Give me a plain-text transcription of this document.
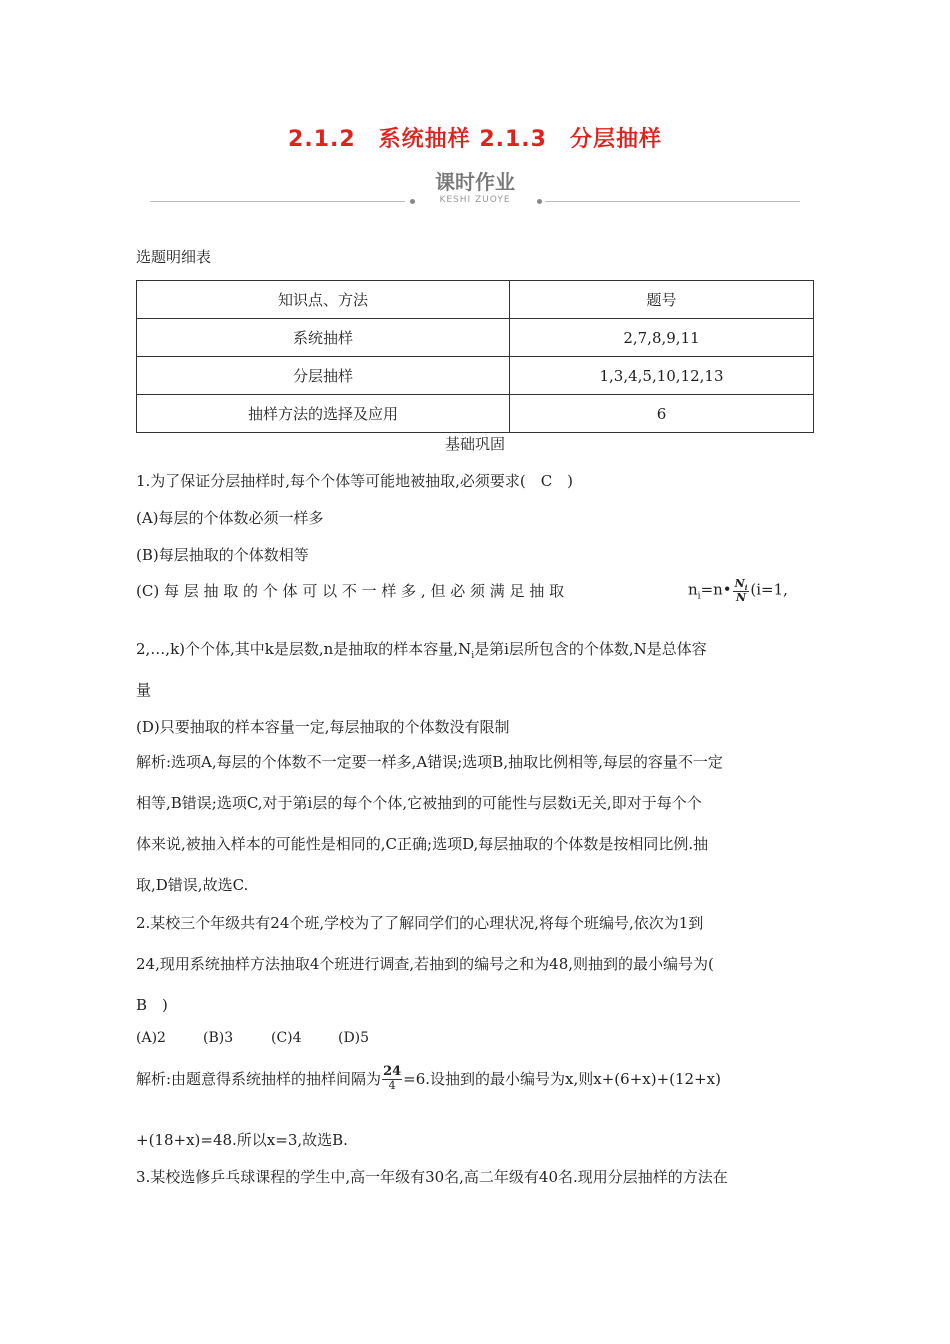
2.1.2　系统抽样 2.1.3　分层抽样
课时作业
KESHI ZUOYE
选题明细表
知识点、方法	题号
系统抽样	2,7,8,9,11
分层抽样	1,3,4,5,10,12,13
抽样方法的选择及应用	6
基础巩固
1.为了保证分层抽样时,每个个体等可能地被抽取,必须要求(　C　)
(A)每层的个体数必须一样多
(B)每层抽取的个体数相等
(C) 每 层 抽 取 的 个 体 可 以 不 一 样 多 , 但 必 须 满 足 抽 取	$n_i=n• \frac{N_i}{N} (i=1$,
2,…,k)个个体,其中k是层数,n是抽取的样本容量$,N_i$是第i层所包含的个体数,N是总体容
量
(D)只要抽取的样本容量一定,每层抽取的个体数没有限制
解析:选项A,每层的个体数不一定要一样多,A错误;选项B,抽取比例相等,每层的容量不一定
相等,B错误;选项C,对于第i层的每个个体,它被抽到的可能性与层数i无关,即对于每个个
体来说,被抽入样本的可能性是相同的,C正确;选项D,每层抽取的个体数是按相同比例.抽
取,D错误,故选C.
2.某校三个年级共有24个班,学校为了了解同学们的心理状况,将每个班编号,依次为1到
24,现用系统抽样方法抽取4个班进行调查,若抽到的编号之和为48,则抽到的最小编号为(
B　)
(A)2	(B)3	(C)4	(D)5
解析:由题意得系统抽样的抽样间隔为 $\frac{24}{4} =6$.设抽到的最小编号为x,则x+(6+x)+(12+x)
+(18+x)=48.所以x=3,故选B.
3.某校选修乒乓球课程的学生中,高一年级有30名,高二年级有40名.现用分层抽样的方法在
